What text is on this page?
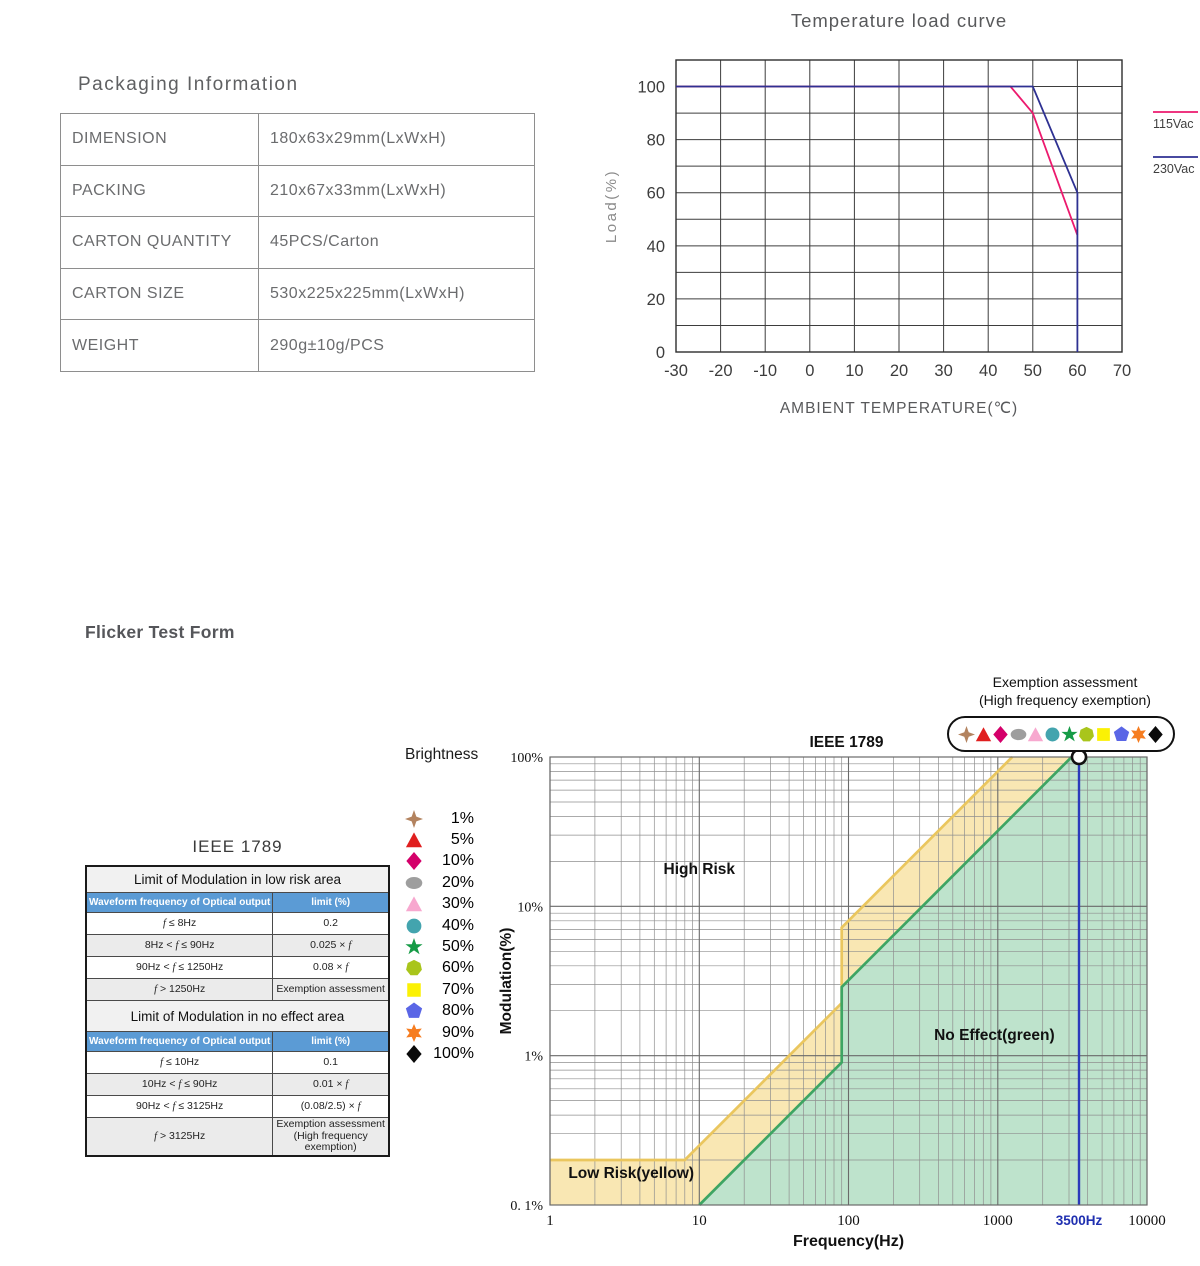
Packaging Information
DIMENSION	180x63x29mm(LxWxH)
PACKING	210x67x33mm(LxWxH)
CARTON QUANTITY	45PCS/Carton
CARTON SIZE	530x225x225mm(LxWxH)
WEIGHT	290g±10g/PCS
-30 -20 -10 0 10 20 30 40 50 60 70
0
20
40
60
80
100
Temperature load curve
AMBIENT TEMPERATURE(℃)
Load(%)
115Vac
230Vac
Flicker Test Form
IEEE 1789
Limit of Modulation in low risk area	
Waveform frequency of Optical output	limit (%)
f ≤ 8Hz	0.2
8Hz < f ≤ 90Hz	0.025 × f
90Hz < f ≤ 1250Hz	0.08 × f
f > 1250Hz	Exemption assessment
Limit of Modulation in no effect area	
Waveform frequency of Optical output	limit (%)
f ≤ 10Hz	0.1
10Hz < f ≤ 90Hz	0.01 × f
90Hz < f ≤ 3125Hz	(0.08/2.5) × f
f > 3125Hz	Exemption assessment (High frequency exemption)
Brightness
1%
5%
10%
20%
30%
40%
50%
60%
70%
80%
90%
100%
High Risk
No Effect(green)
Low Risk(yellow)
IEEE 1789
1	10	100	1000	10000
100%
10%
1%
0. 1%
3500Hz
Frequency(Hz)
Modulation(%)
Exemption assessment
(High frequency exemption)
